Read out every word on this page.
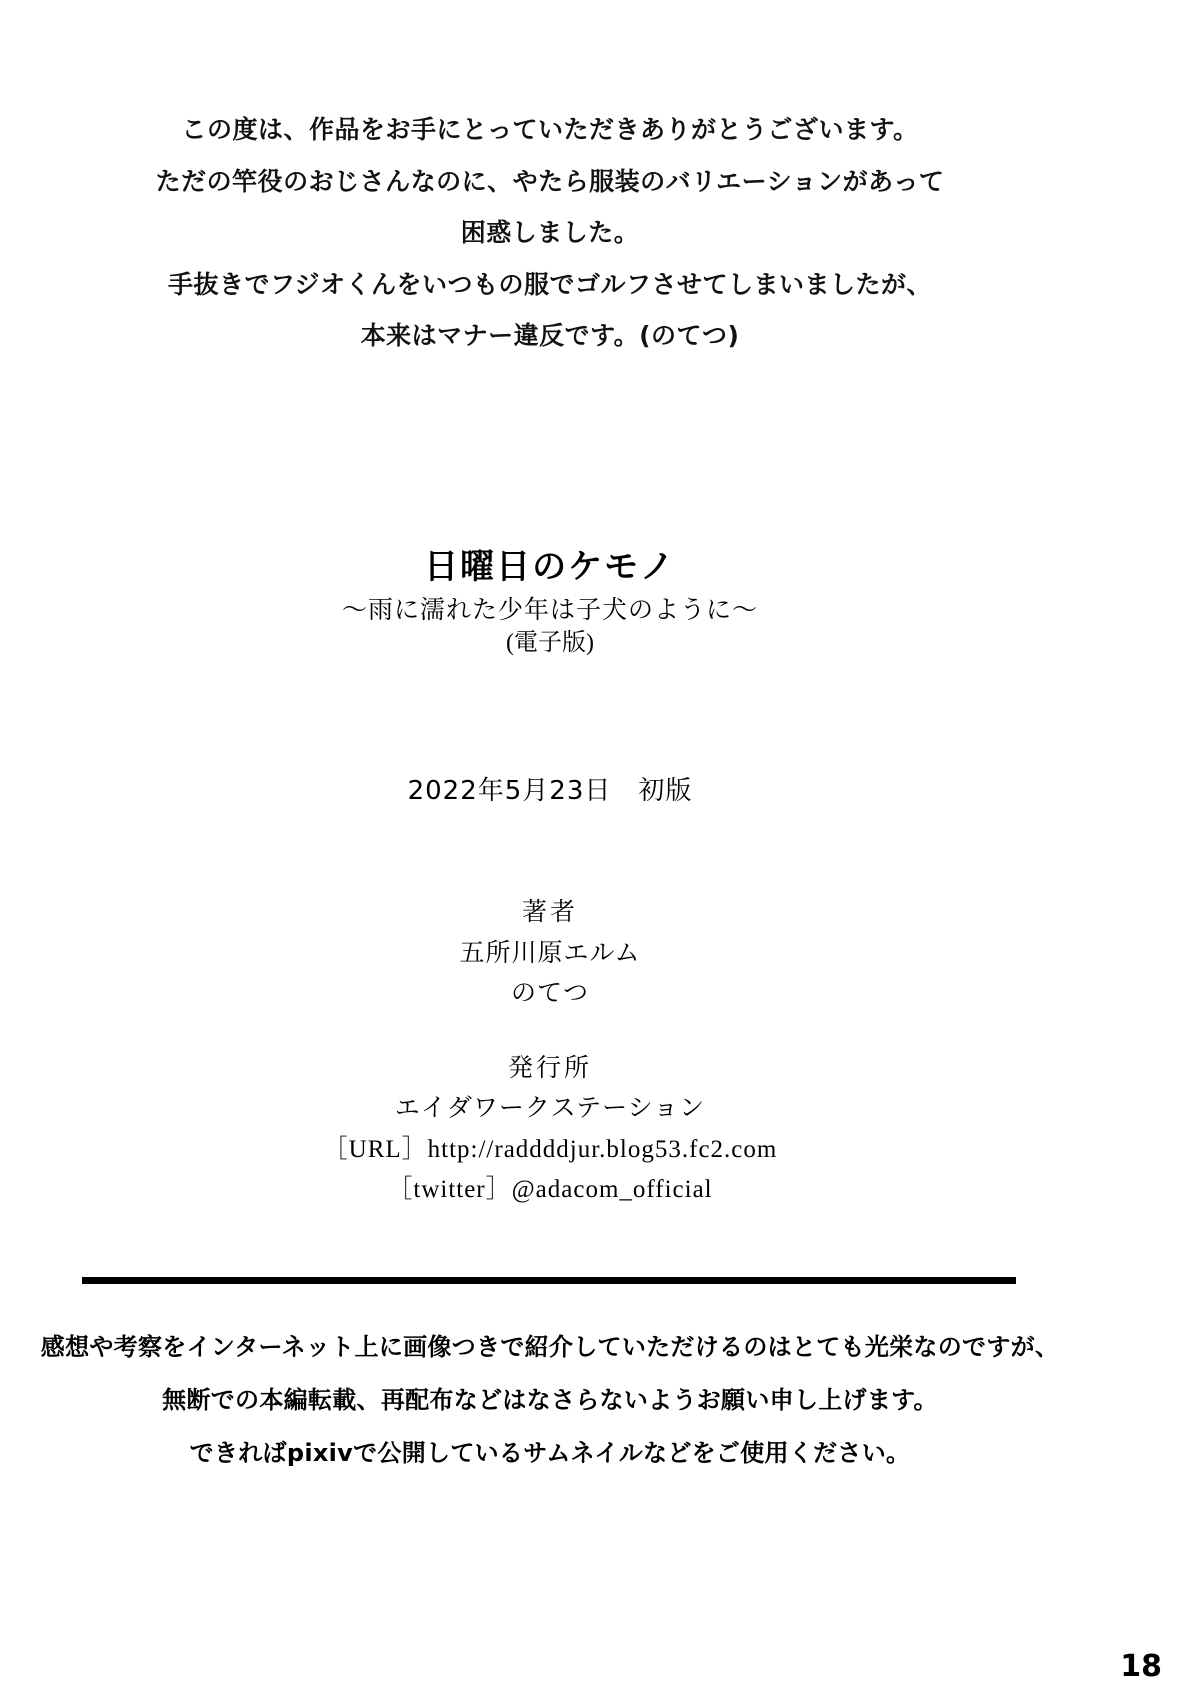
この度は、作品をお手にとっていただきありがとうございます。

ただの竿役のおじさんなのに、やたら服装のバリエーションがあって

困惑しました。

手抜きでフジオくんをいつもの服でゴルフさせてしまいましたが、

本来はマナー違反です。(のてつ)

日曜日のケモノ
〜雨に濡れた少年は子犬のように〜
(電子版)
2022年5月23日　初版
著者
五所川原エルム
のてつ
発行所
エイダワークステーション
［URL］http://raddddjur.blog53.fc2.com
［twitter］@adacom_official

感想や考察をインターネット上に画像つきで紹介していただけるのはとても光栄なのですが、

無断での本編転載、再配布などはなさらないようお願い申し上げます。

できればpixivで公開しているサムネイルなどをご使用ください。

18
